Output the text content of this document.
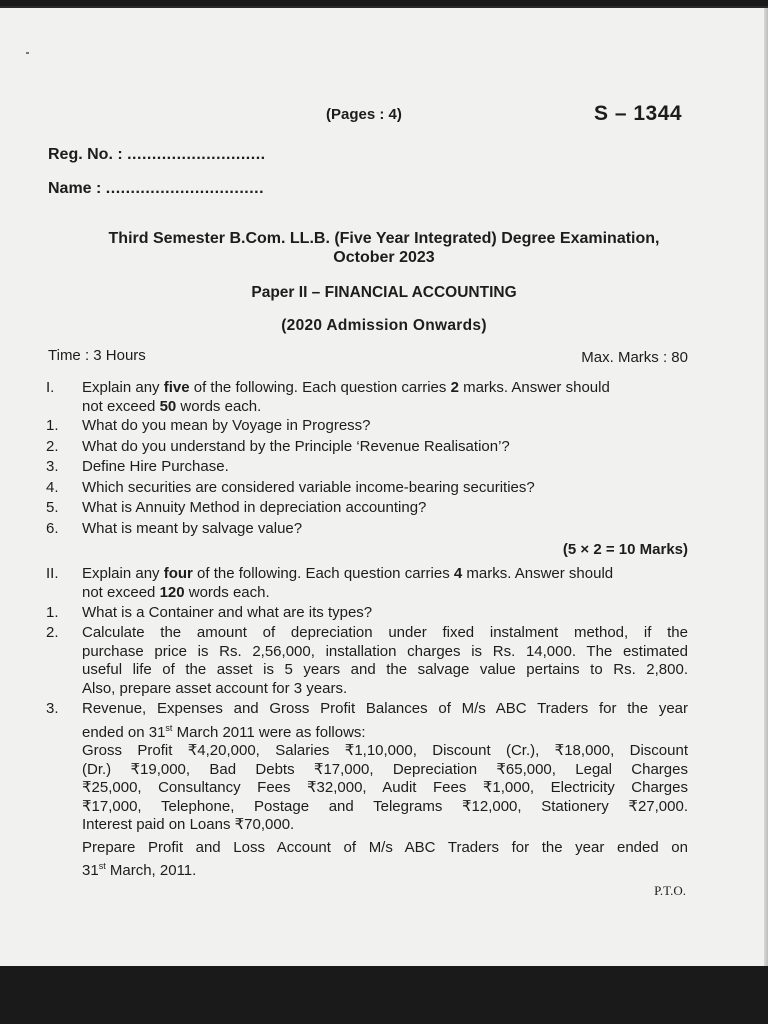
(Pages : 4)	S – 1344
Reg. No. : ............................
Name : ................................
Third Semester B.Com. LL.B. (Five Year Integrated) Degree Examination,
October 2023
Paper II – FINANCIAL ACCOUNTING
(2020 Admission Onwards)
Time : 3 Hours	Max. Marks : 80
I. Explain any five of the following. Each question carries 2 marks. Answer should
not exceed 50 words each.
1. What do you mean by Voyage in Progress?
2. What do you understand by the Principle ‘Revenue Realisation’?
3. Define Hire Purchase.
4. Which securities are considered variable income-bearing securities?
5. What is Annuity Method in depreciation accounting?
6. What is meant by salvage value?
(5 × 2 = 10 Marks)
II. Explain any four of the following. Each question carries 4 marks. Answer should
not exceed 120 words each.
1. What is a Container and what are its types?
2. Calculate the amount of depreciation under fixed instalment method, if the
purchase price is Rs. 2,56,000, installation charges is Rs. 14,000. The estimated
useful life of the asset is 5 years and the salvage value pertains to Rs. 2,800.
Also, prepare asset account for 3 years.
3. Revenue, Expenses and Gross Profit Balances of M/s ABC Traders for the year
ended on 31st March 2011 were as follows:
Gross Profit ₹4,20,000, Salaries ₹1,10,000, Discount (Cr.), ₹18,000, Discount
(Dr.) ₹19,000, Bad Debts ₹17,000, Depreciation ₹65,000, Legal Charges
₹25,000, Consultancy Fees ₹32,000, Audit Fees ₹1,000, Electricity Charges
₹17,000, Telephone, Postage and Telegrams ₹12,000, Stationery ₹27,000.
Interest paid on Loans ₹70,000.
Prepare Profit and Loss Account of M/s ABC Traders for the year ended on
31st March, 2011.
P.T.O.
